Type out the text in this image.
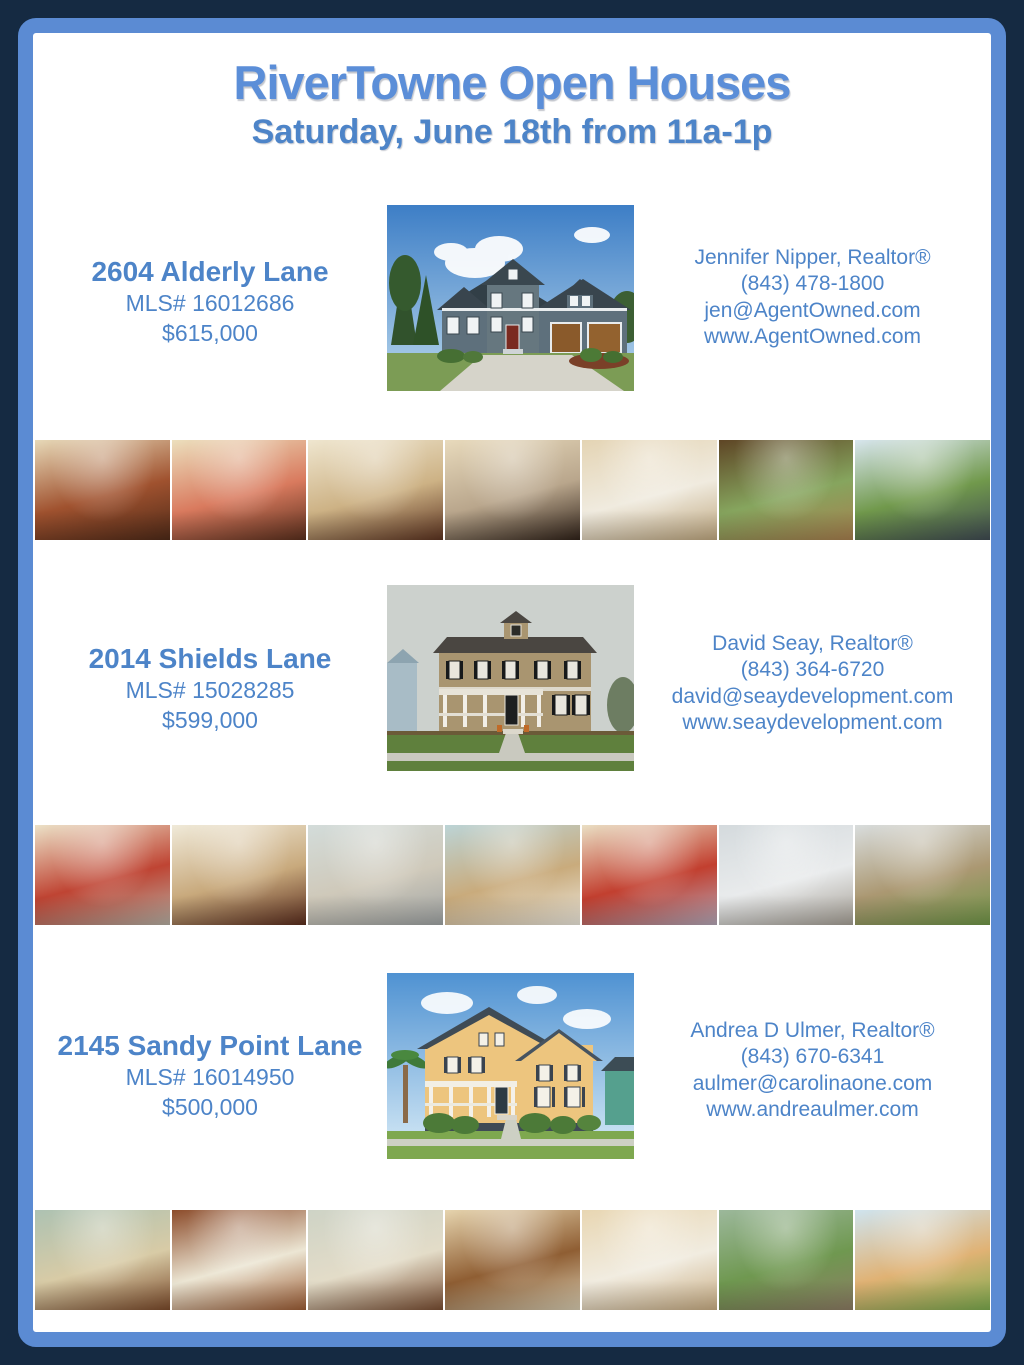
RiverTowne Open Houses
Saturday, June 18th from 11a-1p
2604 Alderly Lane
MLS# 16012686
$615,000
Jennifer Nipper, Realtor®
(843) 478-1800
jen@AgentOwned.com
www.AgentOwned.com
2014 Shields Lane
MLS# 15028285
$599,000
David Seay, Realtor®
(843) 364-6720
david@seaydevelopment.com
www.seaydevelopment.com
2145 Sandy Point Lane
MLS# 16014950
$500,000
Andrea D Ulmer, Realtor®
(843) 670-6341
aulmer@carolinaone.com
www.andreaulmer.com
